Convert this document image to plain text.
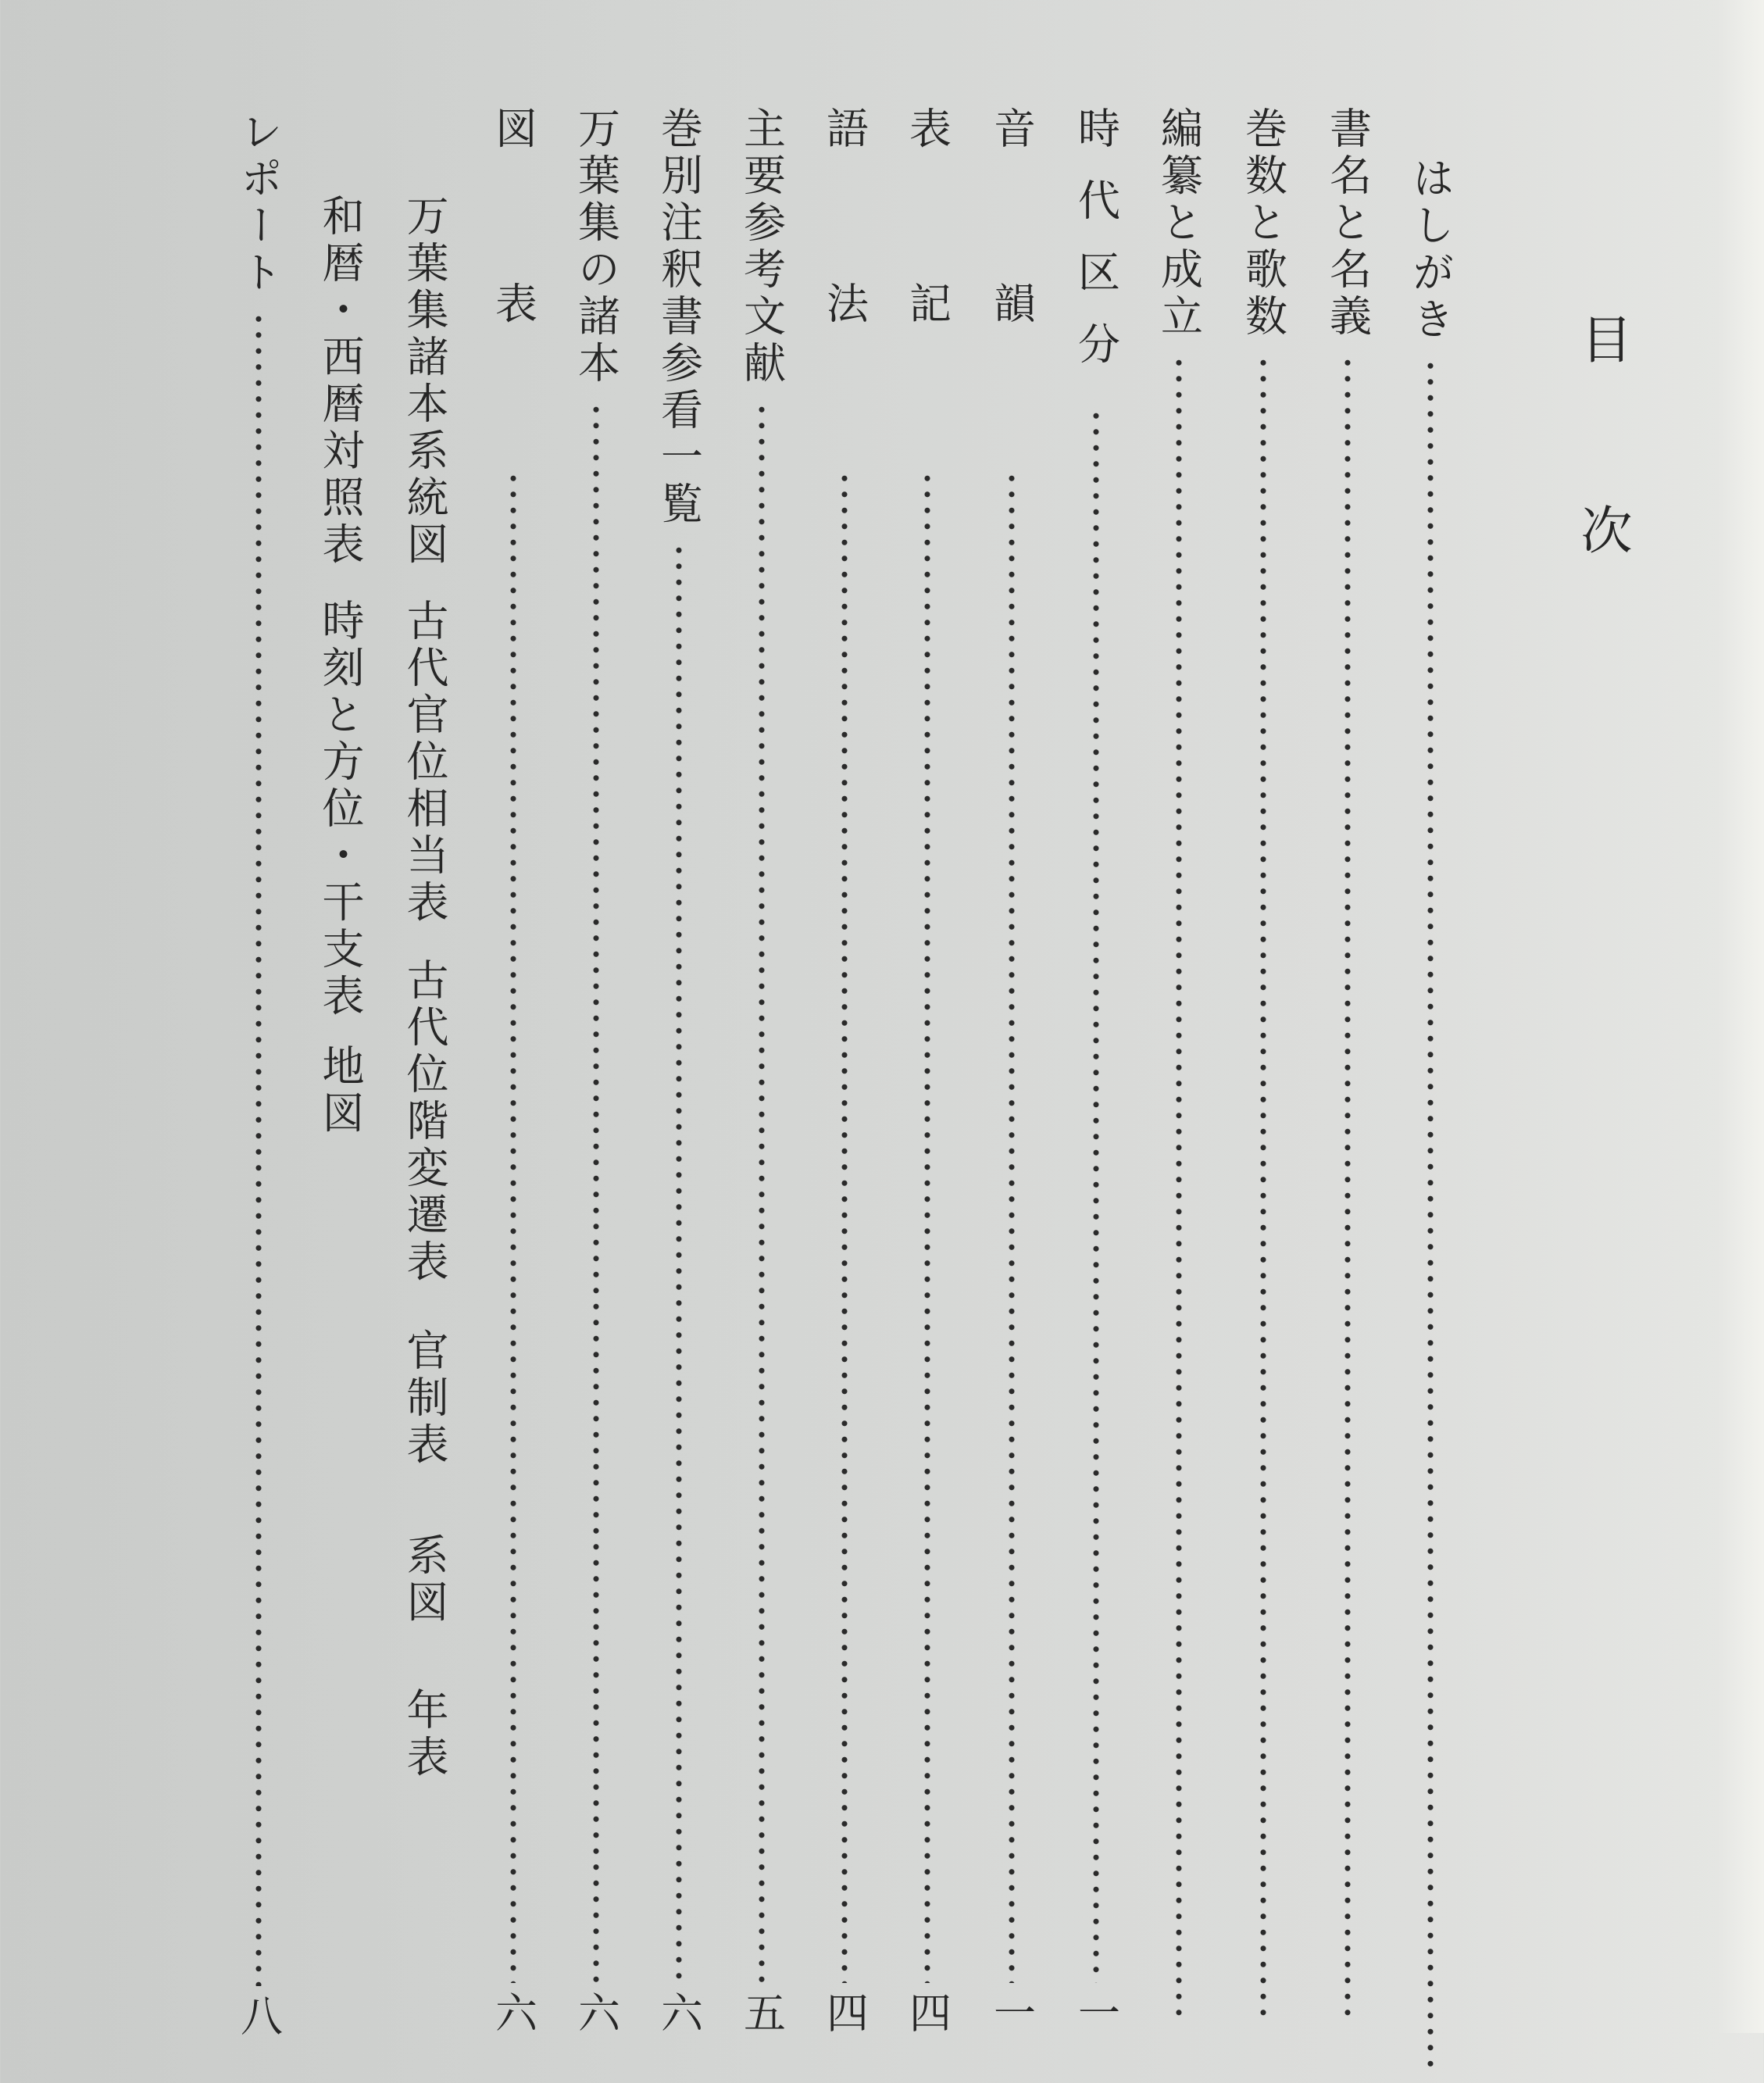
目次
はしがき
書名と名義
巻数と歌数
編纂と成立
時代区分
一
音韻
一
表記
四
語法
四
主要参考文献
五
巻別注釈書参看一覧
六
万葉集の諸本
六
図表
六
万葉集諸本系統図
古代官位相当表
古代位階変遷表
官制表
系図
年表
和暦・西暦対照表
時刻と方位・干支表
地図
レポート
八
